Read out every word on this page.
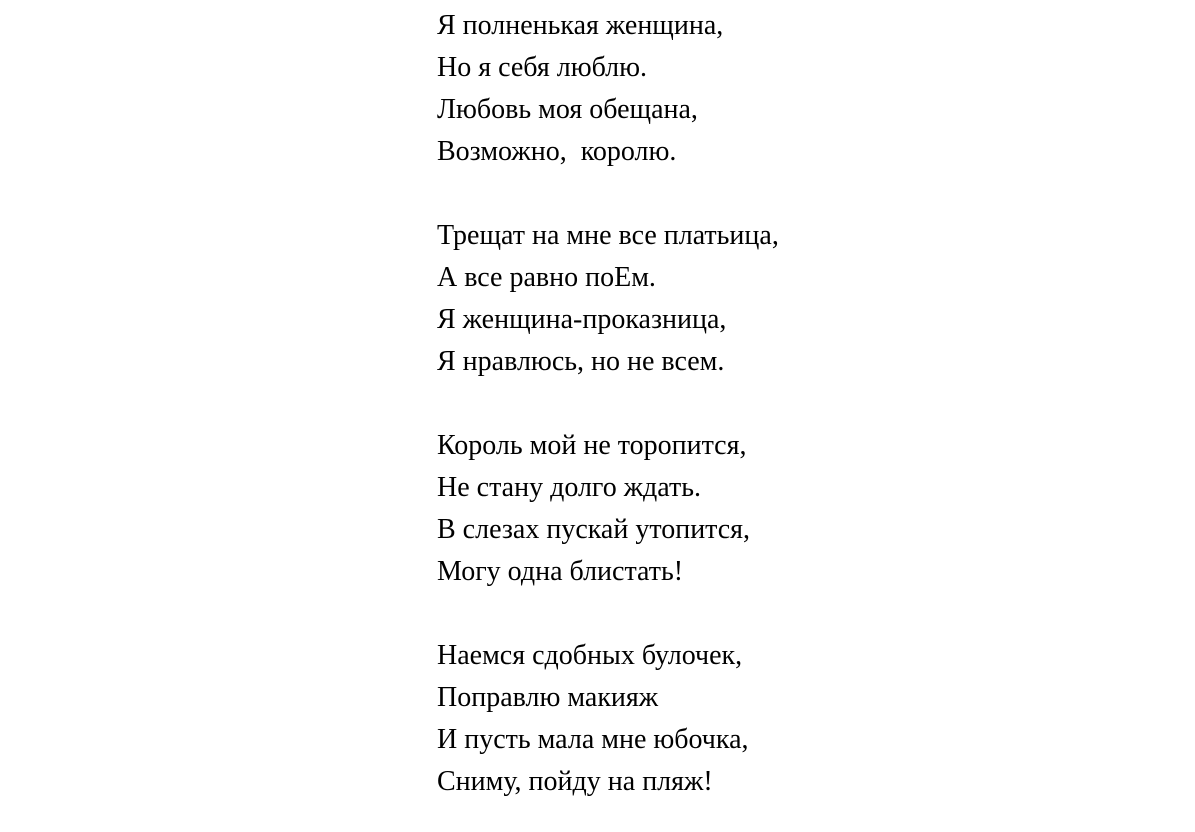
Я полненькая женщина,
Но я себя люблю.
Любовь моя обещана,
Возможно,  королю.
Трещат на мне все платьица,
А все равно поЕм.
Я женщина-проказница,
Я нравлюсь, но не всем.
Король мой не торопится,
Не стану долго ждать.
В слезах пускай утопится,
Могу одна блистать!
Наемся сдобных булочек,
Поправлю макияж
И пусть мала мне юбочка,
Сниму, пойду на пляж!
